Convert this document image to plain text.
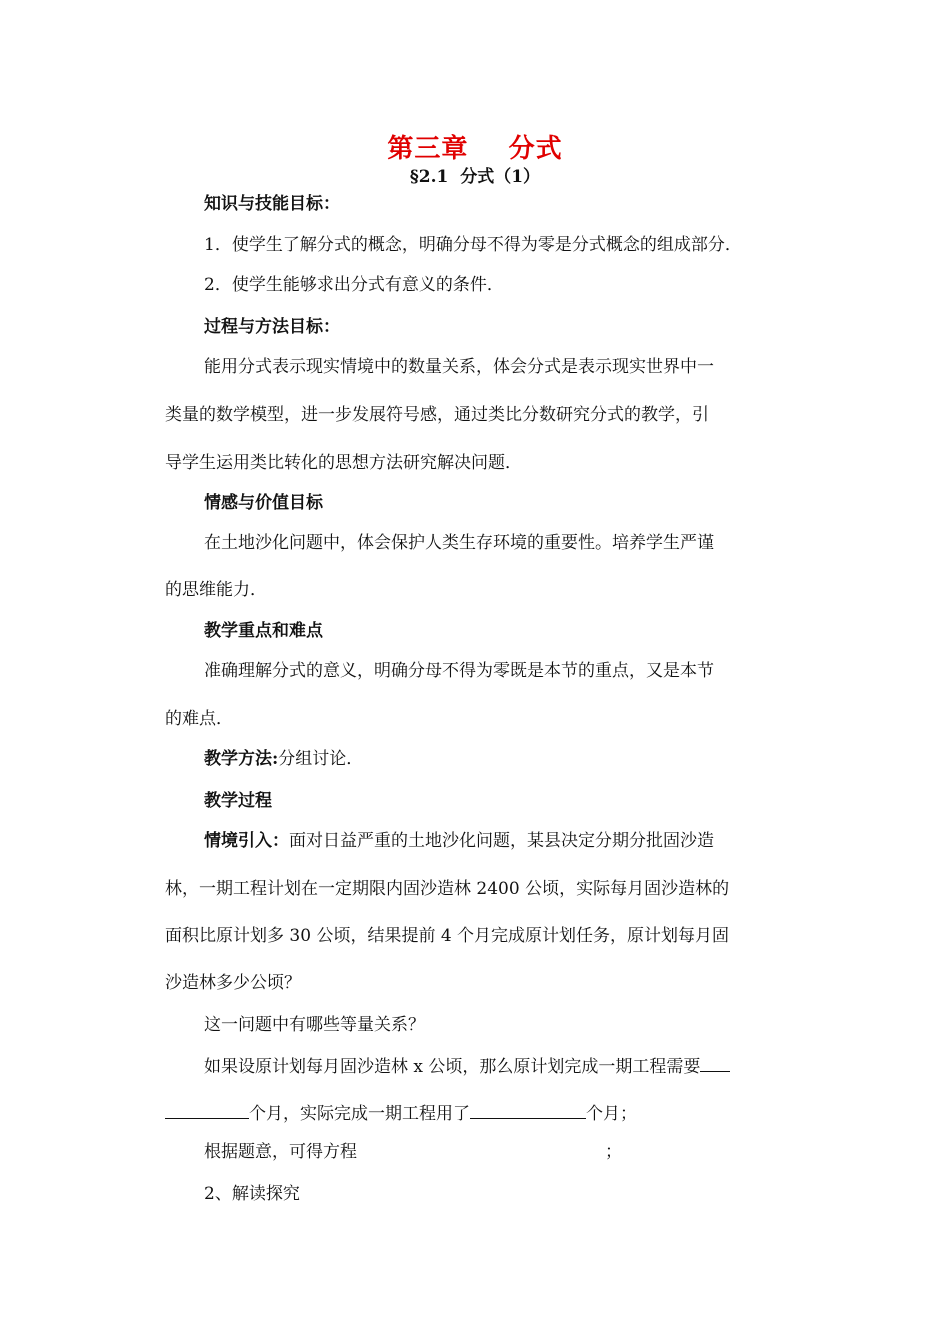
第三章    分式
§2.1  分式（1）
知识与技能目标：
1．使学生了解分式的概念，明确分母不得为零是分式概念的组成部分．
2．使学生能够求出分式有意义的条件．
过程与方法目标：
能用分式表示现实情境中的数量关系，体会分式是表示现实世界中一
类量的数学模型，进一步发展符号感，通过类比分数研究分式的教学，引
导学生运用类比转化的思想方法研究解决问题．
情感与价值目标
在土地沙化问题中，体会保护人类生存环境的重要性。培养学生严谨
的思维能力．
教学重点和难点
准确理解分式的意义，明确分母不得为零既是本节的重点，又是本节
的难点．
教学方法:分组讨论．
教学过程
情境引入：面对日益严重的土地沙化问题，某县决定分期分批固沙造
林，一期工程计划在一定期限内固沙造林 2400 公顷，实际每月固沙造林的
面积比原计划多 30 公顷，结果提前 4 个月完成原计划任务，原计划每月固
沙造林多少公顷？
这一问题中有哪些等量关系？
如果设原计划每月固沙造林 x 公顷，那么原计划完成一期工程需要
个月，实际完成一期工程用了	个月；
根据题意，可得方程	；
2、解读探究
